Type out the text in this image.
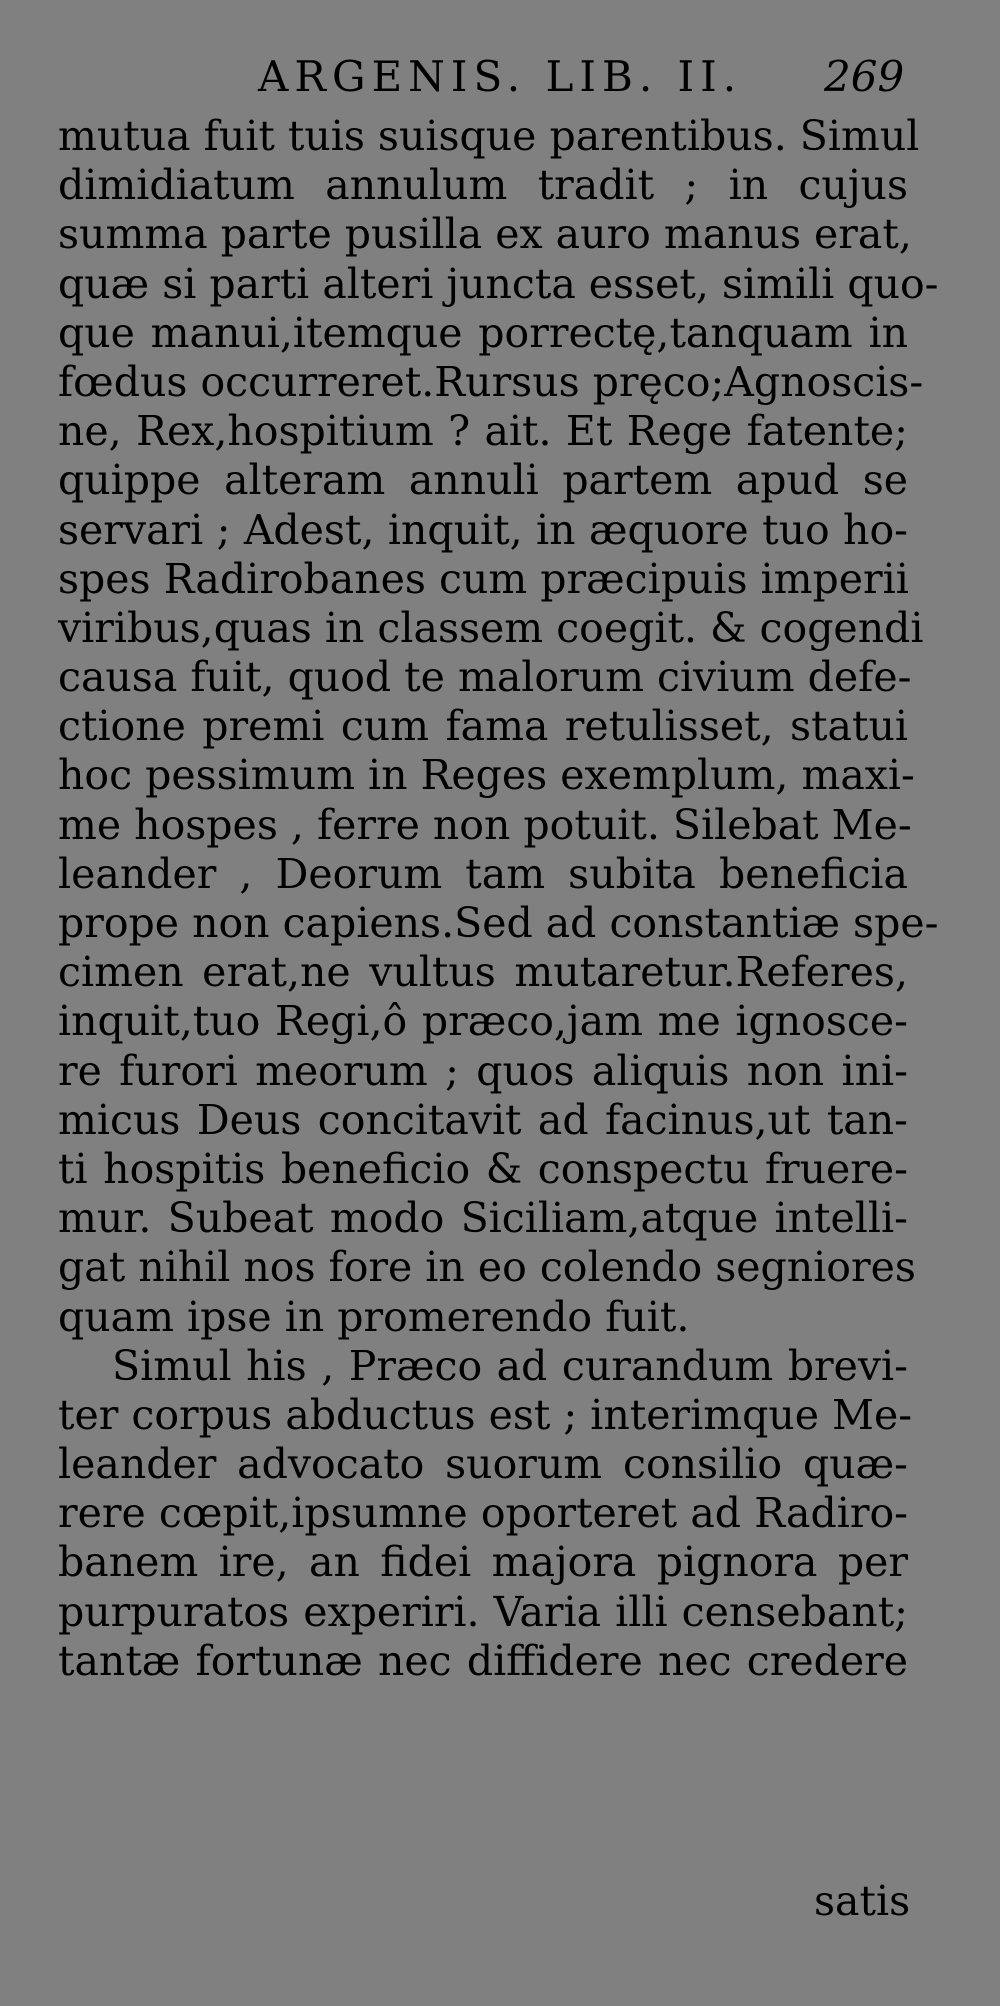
ARGENIS. LIB. II. 269
mutua fuit tuis suisque parentibus. Simul
dimidiatum annulum tradit ; in cujus
summa parte pusilla ex auro manus erat,
quæ si parti alteri juncta esset, simili quo-
que manui,itemque porrectę,tanquam in
fœdus occurreret.Rursus pręco;Agnoscis-
ne, Rex,hospitium ? ait. Et Rege fatente;
quippe alteram annuli partem apud se
servari ; Adest, inquit, in æquore tuo ho-
spes Radirobanes cum præcipuis imperii
viribus,quas in classem coegit. & cogendi
causa fuit, quod te malorum civium defe-
ctione premi cum fama retulisset, statui
hoc pessimum in Reges exemplum, maxi-
me hospes , ferre non potuit. Silebat Me-
leander , Deorum tam subita beneficia
prope non capiens.Sed ad constantiæ spe-
cimen erat,ne vultus mutaretur.Referes,
inquit,tuo Regi,ô præco,jam me ignosce-
re furori meorum ; quos aliquis non ini-
micus Deus concitavit ad facinus,ut tan-
ti hospitis beneficio & conspectu fruere-
mur. Subeat modo Siciliam,atque intelli-
gat nihil nos fore in eo colendo segniores
quam ipse in promerendo fuit.
Simul his , Præco ad curandum brevi-
ter corpus abductus est ; interimque Me-
leander advocato suorum consilio quæ-
rere cœpit,ipsumne oporteret ad Radiro-
banem ire, an fidei majora pignora per
purpuratos experiri. Varia illi censebant;
tantæ fortunæ nec diffidere nec credere
satis
